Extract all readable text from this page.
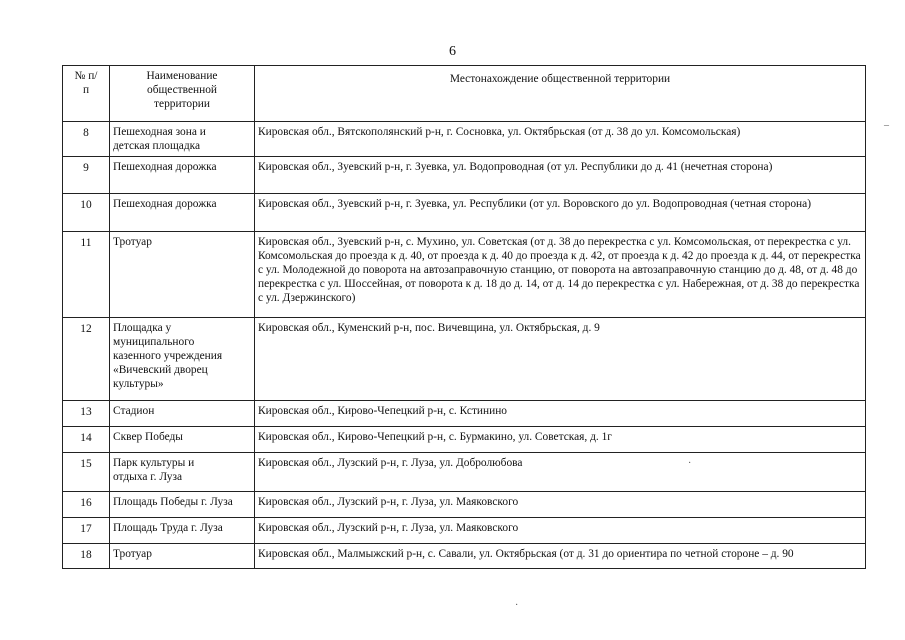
6
№ п/п	Наименование общественной территории	Местонахождение общественной территории
8	Пешеходная зона и детская площадка	Кировская обл., Вятскополянский р-н, г. Сосновка, ул. Октябрьская (от д. 38 до ул. Комсомольская)
9	Пешеходная дорожка	Кировская обл., Зуевский р-н, г. Зуевка, ул. Водопроводная (от ул. Республики до д. 41 (нечетная сторона)
10	Пешеходная дорожка	Кировская обл., Зуевский р-н, г. Зуевка, ул. Республики (от ул. Воровского до ул. Водопроводная (четная сторона)
11	Тротуар	Кировская обл., Зуевский р-н, с. Мухино, ул. Советская (от д. 38 до перекрестка с ул. Комсомольская, от перекрестка с ул. Комсомольская до проезда к д. 40, от проезда к д. 40 до проезда к д. 42, от проезда к д. 42 до проезда к д. 44, от перекрестка с ул. Молодежной до поворота на автозаправочную станцию, от поворота на автозаправочную станцию до д. 48, от д. 48 до перекрестка с ул. Шоссейная, от поворота к д. 18 до д. 14, от д. 14 до перекрестка с ул. Набережная, от д. 38 до перекрестка с ул. Дзержинского)
12	Площадка у муниципального казенного учреждения «Вичевский дворец культуры»	Кировская обл., Куменский р-н, пос. Вичевщина, ул. Октябрьская, д. 9
13	Стадион	Кировская обл., Кирово-Чепецкий р-н, с. Кстинино
14	Сквер Победы	Кировская обл., Кирово-Чепецкий р-н, с. Бурмакино, ул. Советская, д. 1г
15	Парк культуры и отдыха г. Луза	Кировская обл., Лузский р-н, г. Луза, ул. Добролюбова
16	Площадь Победы г. Луза	Кировская обл., Лузский р-н, г. Луза, ул. Маяковского
17	Площадь Труда г. Луза	Кировская обл., Лузский р-н, г. Луза, ул. Маяковского
18	Тротуар	Кировская обл., Малмыжский р-н, с. Савали, ул. Октябрьская (от д. 31 до ориентира по четной стороне – д. 90
–
·
·
